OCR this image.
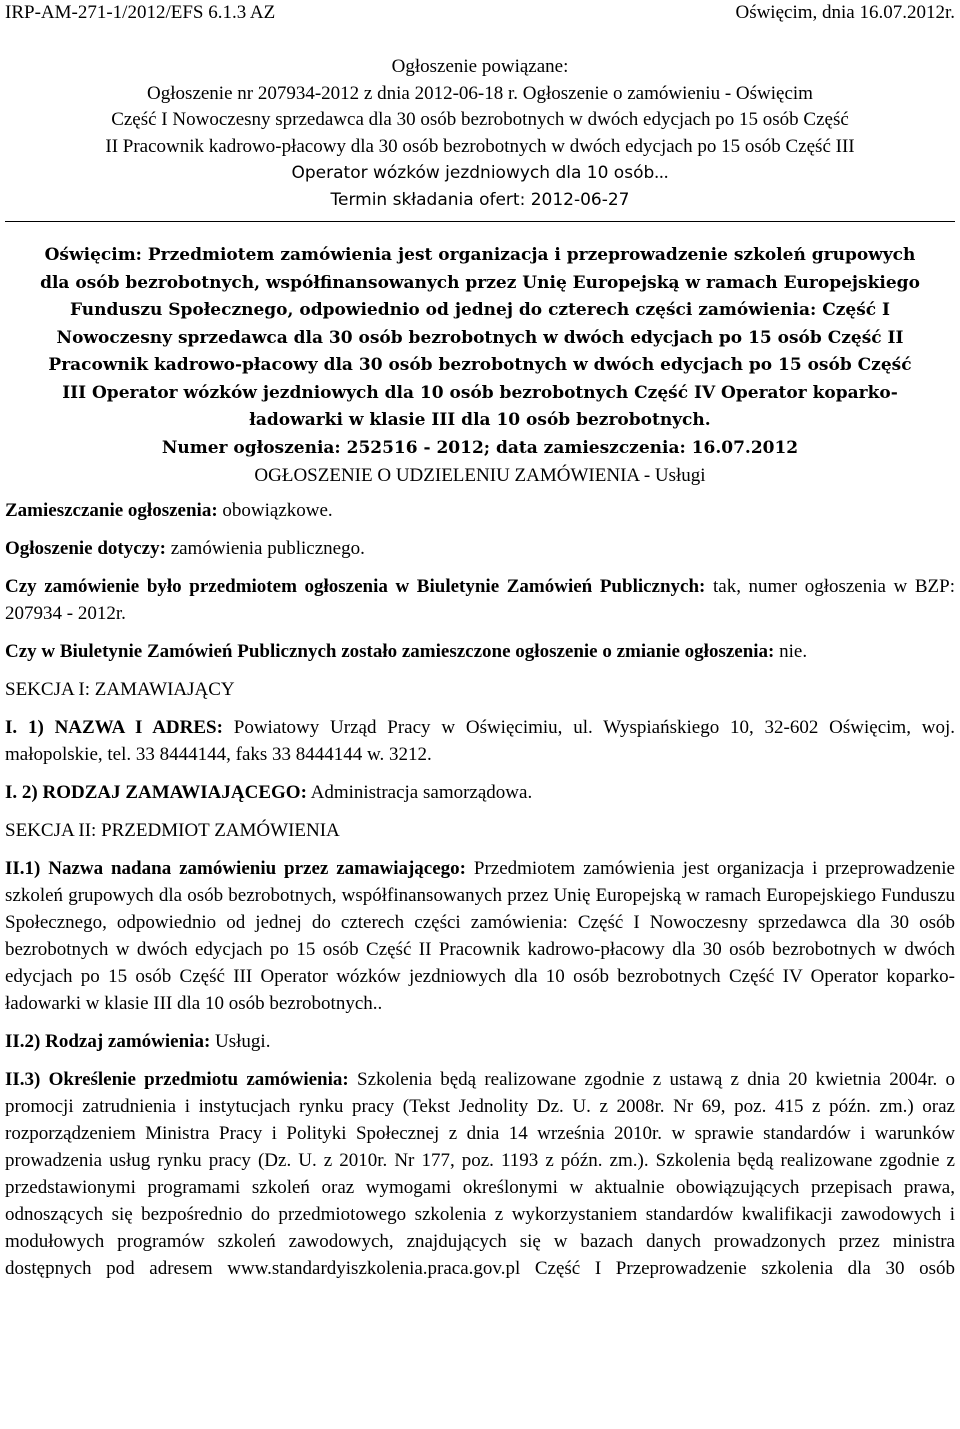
IRP-AM-271-1/2012/EFS 6.1.3 AZ	Oświęcim, dnia 16.07.2012r.
Ogłoszenie powiązane:
Ogłoszenie nr 207934-2012 z dnia 2012-06-18 r. Ogłoszenie o zamówieniu - Oświęcim
Część I Nowoczesny sprzedawca dla 30 osób bezrobotnych w dwóch edycjach po 15 osób Część
II Pracownik kadrowo-płacowy dla 30 osób bezrobotnych w dwóch edycjach po 15 osób Część III
Operator wózków jezdniowych dla 10 osób...
Termin składania ofert: 2012-06-27
Oświęcim: Przedmiotem zamówienia jest organizacja i przeprowadzenie szkoleń grupowych
dla osób bezrobotnych, współfinansowanych przez Unię Europejską w ramach Europejskiego
Funduszu Społecznego, odpowiednio od jednej do czterech części zamówienia: Część I
Nowoczesny sprzedawca dla 30 osób bezrobotnych w dwóch edycjach po 15 osób Część II
Pracownik kadrowo-płacowy dla 30 osób bezrobotnych w dwóch edycjach po 15 osób Część
III Operator wózków jezdniowych dla 10 osób bezrobotnych Część IV Operator koparko-
ładowarki w klasie III dla 10 osób bezrobotnych.
Numer ogłoszenia: 252516 - 2012; data zamieszczenia: 16.07.2012
OGŁOSZENIE O UDZIELENIU ZAMÓWIENIA - Usługi

Zamieszczanie ogłoszenia: obowiązkowe.

Ogłoszenie dotyczy: zamówienia publicznego.

Czy zamówienie było przedmiotem ogłoszenia w Biuletynie Zamówień Publicznych: tak, numer ogłoszenia w BZP: 207934 - 2012r.

Czy w Biuletynie Zamówień Publicznych zostało zamieszczone ogłoszenie o zmianie ogłoszenia: nie.

SEKCJA I: ZAMAWIAJĄCY

I. 1) NAZWA I ADRES: Powiatowy Urząd Pracy w Oświęcimiu, ul. Wyspiańskiego 10, 32-602 Oświęcim, woj. małopolskie, tel. 33 8444144, faks 33 8444144 w. 3212.

I. 2) RODZAJ ZAMAWIAJĄCEGO: Administracja samorządowa.

SEKCJA II: PRZEDMIOT ZAMÓWIENIA

II.1) Nazwa nadana zamówieniu przez zamawiającego: Przedmiotem zamówienia jest organizacja i przeprowadzenie szkoleń grupowych dla osób bezrobotnych, współfinansowanych przez Unię Europejską w ramach Europejskiego Funduszu Społecznego, odpowiednio od jednej do czterech części zamówienia: Część I Nowoczesny sprzedawca dla 30 osób bezrobotnych w dwóch edycjach po 15 osób Część II Pracownik kadrowo-płacowy dla 30 osób bezrobotnych w dwóch edycjach po 15 osób Część III Operator wózków jezdniowych dla 10 osób bezrobotnych Część IV Operator koparko-ładowarki w klasie III dla 10 osób bezrobotnych..

II.2) Rodzaj zamówienia: Usługi.

II.3) Określenie przedmiotu zamówienia: Szkolenia będą realizowane zgodnie z ustawą z dnia 20 kwietnia 2004r. o promocji zatrudnienia i instytucjach rynku pracy (Tekst Jednolity Dz. U. z 2008r. Nr 69, poz. 415 z późn. zm.) oraz rozporządzeniem Ministra Pracy i Polityki Społecznej z dnia 14 września 2010r. w sprawie standardów i warunków prowadzenia usług rynku pracy (Dz. U. z 2010r. Nr 177, poz. 1193 z późn. zm.). Szkolenia będą realizowane zgodnie z przedstawionymi programami szkoleń oraz wymogami określonymi w aktualnie obowiązujących przepisach prawa, odnoszących się bezpośrednio do przedmiotowego szkolenia z wykorzystaniem standardów kwalifikacji zawodowych i modułowych programów szkoleń zawodowych, znajdujących się w bazach danych prowadzonych przez ministra dostępnych pod adresem www.standardyiszkolenia.praca.gov.pl Część I Przeprowadzenie szkolenia dla 30 osób
